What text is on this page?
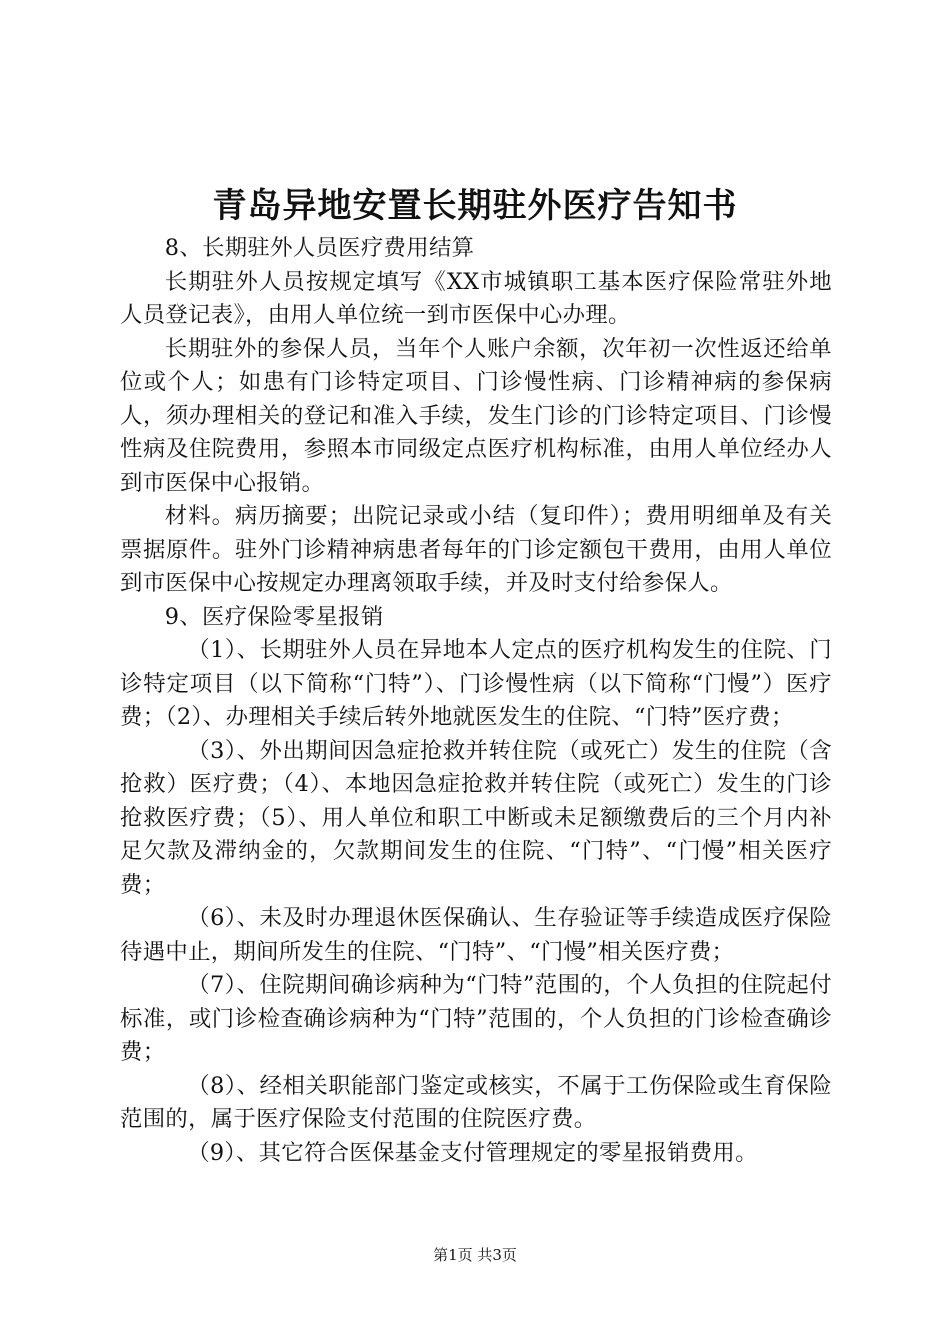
青岛异地安置长期驻外医疗告知书

8、长期驻外人员医疗费用结算

长期驻外人员按规定填写《XX市城镇职工基本医疗保险常驻外地人员登记表》，由用人单位统一到市医保中心办理。

长期驻外的参保人员，当年个人账户余额，次年初一次性返还给单位或个人；如患有门诊特定项目、门诊慢性病、门诊精神病的参保病人，须办理相关的登记和准入手续，发生门诊的门诊特定项目、门诊慢性病及住院费用，参照本市同级定点医疗机构标准，由用人单位经办人到市医保中心报销。

材料。病历摘要；出院记录或小结（复印件）；费用明细单及有关票据原件。驻外门诊精神病患者每年的门诊定额包干费用，由用人单位到市医保中心按规定办理离领取手续，并及时支付给参保人。

9、医疗保险零星报销

（1）、长期驻外人员在异地本人定点的医疗机构发生的住院、门诊特定项目（以下简称“门特”）、门诊慢性病（以下简称“门慢”）医疗费；（2）、办理相关手续后转外地就医发生的住院、“门特”医疗费；

（3）、外出期间因急症抢救并转住院（或死亡）发生的住院（含抢救）医疗费；（4）、本地因急症抢救并转住院（或死亡）发生的门诊抢救医疗费；（5）、用人单位和职工中断或未足额缴费后的三个月内补足欠款及滞纳金的，欠款期间发生的住院、“门特”、“门慢”相关医疗费；

（6）、未及时办理退休医保确认、生存验证等手续造成医疗保险待遇中止，期间所发生的住院、“门特”、“门慢”相关医疗费；

（7）、住院期间确诊病种为“门特”范围的，个人负担的住院起付标准，或门诊检查确诊病种为“门特”范围的，个人负担的门诊检查确诊费；

（8）、经相关职能部门鉴定或核实，不属于工伤保险或生育保险范围的，属于医疗保险支付范围的住院医疗费。

（9）、其它符合医保基金支付管理规定的零星报销费用。

第1页 共3页
